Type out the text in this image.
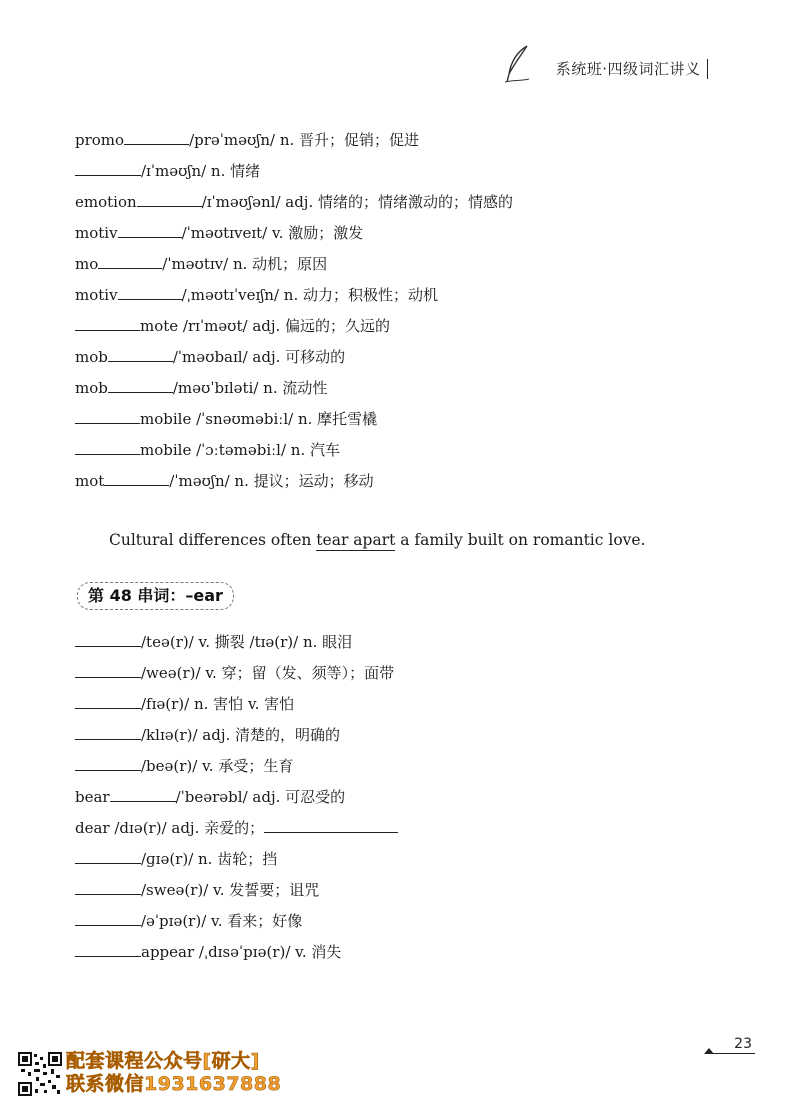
系统班·四级词汇讲义
promo	/prəˈməʊʃn/ n. 晋升；促销；促进
/ɪˈməʊʃn/ n. 情绪
emotion	/ɪˈməʊʃənl/ adj. 情绪的；情绪激动的；情感的
motiv	/ˈməʊtɪveɪt/ v. 激励；激发
mo	/ˈməʊtɪv/ n. 动机；原因
motiv	/ˌməʊtɪˈveɪʃn/ n. 动力；积极性；动机
mote /rɪˈməʊt/ adj. 偏远的；久远的
mob	/ˈməʊbaɪl/ adj. 可移动的
mob	/məʊˈbɪləti/ n. 流动性
mobile /ˈsnəʊməbiːl/ n. 摩托雪橇
mobile /ˈɔːtəməbiːl/ n. 汽车
mot	/ˈməʊʃn/ n. 提议；运动；移动
Cultural differences often tear apart a family built on romantic love.
第 48 串词：–ear
/teə(r)/ v. 撕裂 /tɪə(r)/ n. 眼泪
/weə(r)/ v. 穿；留（发、须等）；面带
/fɪə(r)/ n. 害怕 v. 害怕
/klɪə(r)/ adj. 清楚的，明确的
/beə(r)/ v. 承受；生育
bear	/ˈbeərəbl/ adj. 可忍受的
dear /dɪə(r)/ adj. 亲爱的；
/ɡɪə(r)/ n. 齿轮；挡
/sweə(r)/ v. 发誓要；诅咒
/əˈpɪə(r)/ v. 看来；好像
appear /ˌdɪsəˈpɪə(r)/ v. 消失
23
配套课程公众号[研大]
联系微信1931637888
